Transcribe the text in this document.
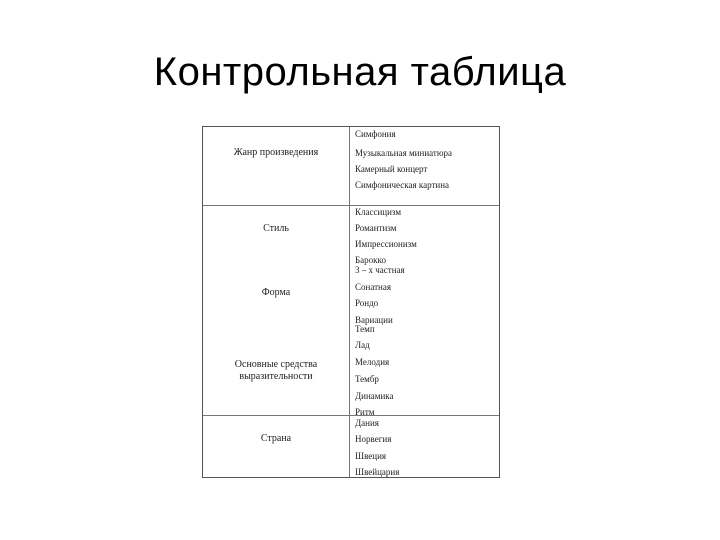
Контрольная таблица
Жанр произведения
Симфония
Музыкальная миниатюра
Камерный концерт
Симфоническая картина
Стиль
Классицизм
Романтизм
Импрессионизм
Барокко
Форма
3 – х частная
Сонатная
Рондо
Вариации
Основные средства выразительности
Темп
Лад
Мелодия
Тембр
Динамика
Ритм
Страна
Дания
Норвегия
Швеция
Швейцария
